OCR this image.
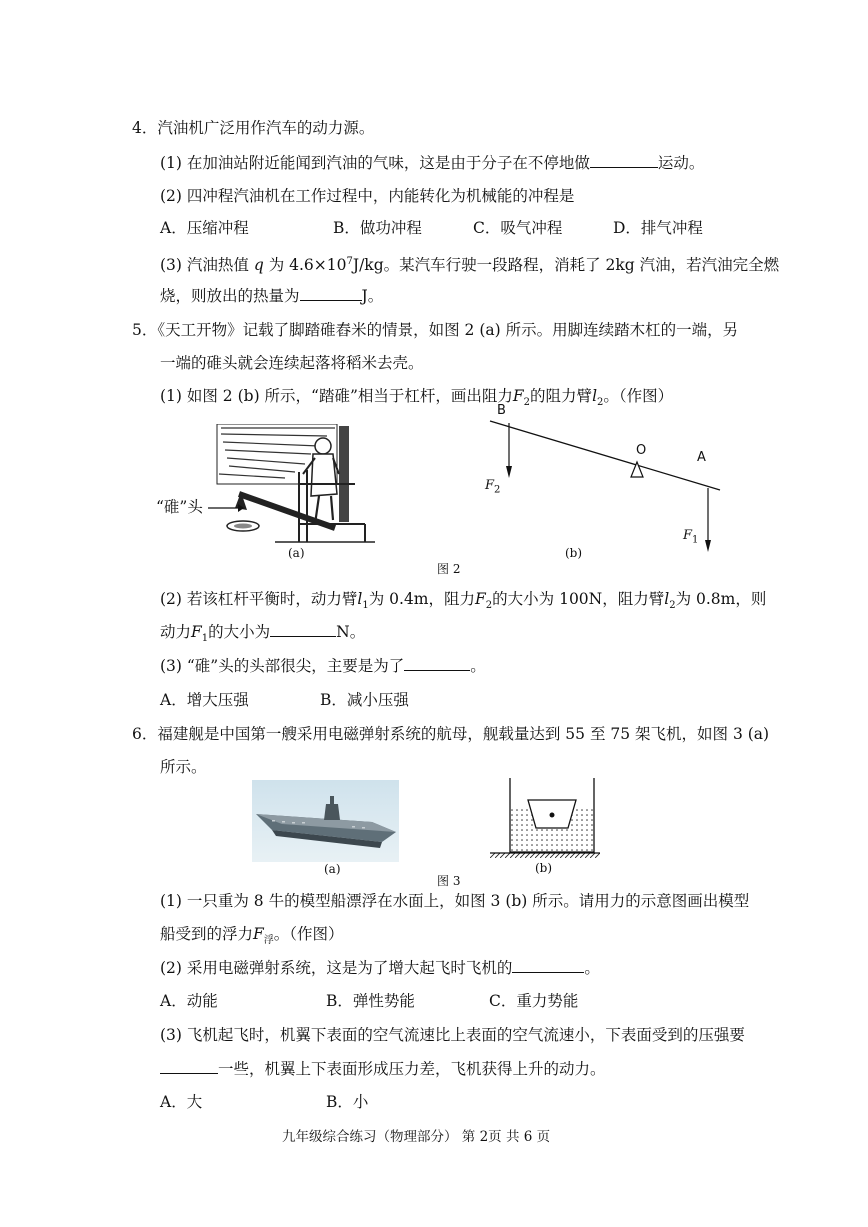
4．汽油机广泛用作汽车的动力源。
(1) 在加油站附近能闻到汽油的气味，这是由于分子在不停地做	运动。
(2) 四冲程汽油机在工作过程中，内能转化为机械能的冲程是
A．压缩冲程	B．做功冲程	C．吸气冲程	D．排气冲程
(3) 汽油热值 q 为 $4.6\times 10^7J/kg$。某汽车行驶一段路程，消耗了 2kg 汽油，若汽油完全燃
烧，则放出的热量为	J。
5．《天工开物》记载了脚踏碓舂米的情景，如图 2 (a) 所示。用脚连续踏木杠的一端，另
一端的碓头就会连续起落将稻米去壳。
(1) 如图 2 (b) 所示，“踏碓”相当于杠杆，画出阻力$F_2$的阻力臂$l_2$。（作图）
“碓”头
(a)
B
O	A
$F_2$
$F_1$
(b)
图 2
(2) 若该杠杆平衡时，动力臂$l_1$为 0.4m，阻力$F_2$的大小为 100N，阻力臂$l_2$为 0.8m，则
动力$F_1$的大小为	N。
(3) “碓”头的头部很尖，主要是为了	。
A．增大压强	B．减小压强
6．福建舰是中国第一艘采用电磁弹射系统的航母，舰载量达到 55 至 75 架飞机，如图 3 (a)
所示。
(a)	(b)
图 3
(1) 一只重为 8 牛的模型船漂浮在水面上，如图 3 (b) 所示。请用力的示意图画出模型
船受到的浮力$F_浮$。（作图）
(2) 采用电磁弹射系统，这是为了增大起飞时飞机的	。
A．动能	B．弹性势能	C．重力势能
(3) 飞机起飞时，机翼下表面的空气流速比上表面的空气流速小，下表面受到的压强要
一些，机翼上下表面形成压力差，飞机获得上升的动力。
A．大	B．小
九年级综合练习（物理部分） 第 2页 共 6 页
